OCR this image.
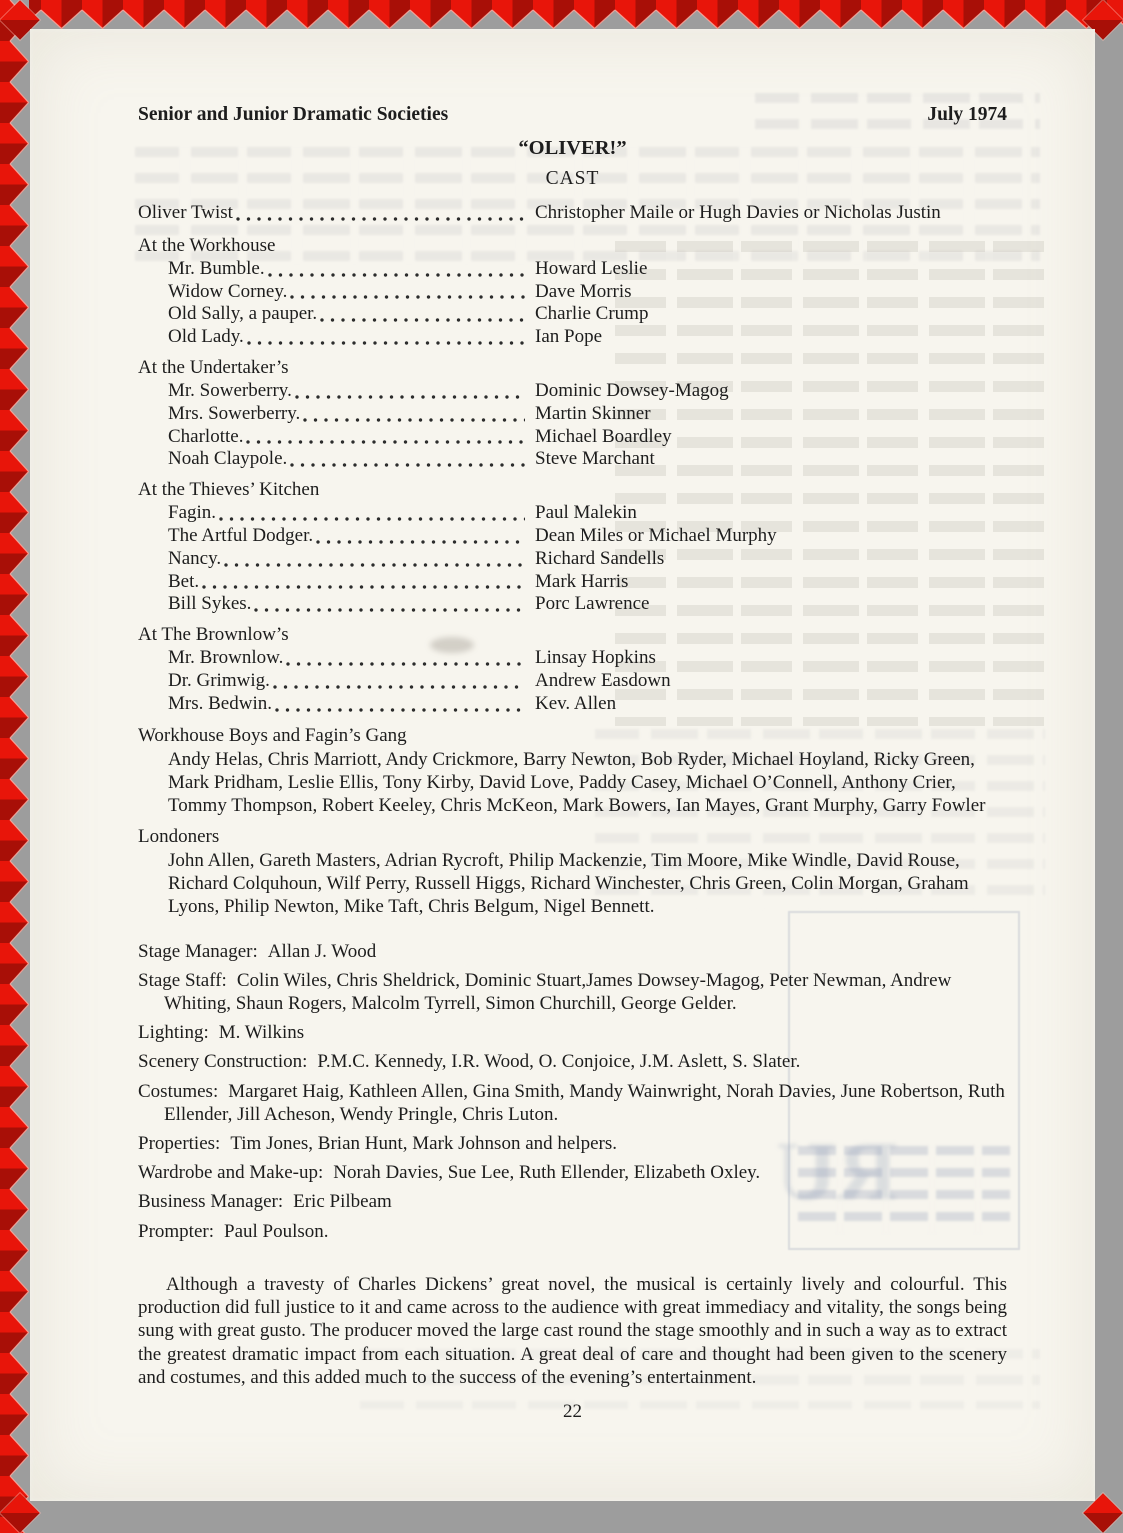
RU
Senior and Junior Dramatic Societies	July 1974
“OLIVER!”
CAST
Oliver Twist	Christopher Maile or Hugh Davies or Nicholas Justin
At the Workhouse
Mr. Bumble.	Howard Leslie
Widow Corney.	Dave Morris
Old Sally, a pauper.	Charlie Crump
Old Lady.	Ian Pope
At the Undertaker’s
Mr. Sowerberry.	Dominic Dowsey-Magog
Mrs. Sowerberry.	Martin Skinner
Charlotte.	Michael Boardley
Noah Claypole.	Steve Marchant
At the Thieves’ Kitchen
Fagin.	Paul Malekin
The Artful Dodger.	Dean Miles or Michael Murphy
Nancy.	Richard Sandells
Bet.	Mark Harris
Bill Sykes.	Porc Lawrence
At The Brownlow’s
Mr. Brownlow.	Linsay Hopkins
Dr. Grimwig.	Andrew Easdown
Mrs. Bedwin.	Kev. Allen
Workhouse Boys and Fagin’s Gang
Andy Helas, Chris Marriott, Andy Crickmore, Barry Newton, Bob Ryder, Michael Hoyland, Ricky Green, Mark Pridham, Leslie Ellis, Tony Kirby, David Love, Paddy Casey, Michael O’Connell, Anthony Crier, Tommy Thompson, Robert Keeley, Chris McKeon, Mark Bowers, Ian Mayes, Grant Murphy, Garry Fowler
Londoners
John Allen, Gareth Masters, Adrian Rycroft, Philip Mackenzie, Tim Moore, Mike Windle, David Rouse, Richard Colquhoun, Wilf Perry, Russell Higgs, Richard Winchester, Chris Green, Colin Morgan, Graham Lyons, Philip Newton, Mike Taft, Chris Belgum, Nigel Bennett.

Stage Manager: Allan J. Wood

Stage Staff: Colin Wiles, Chris Sheldrick, Dominic Stuart,James Dowsey-Magog, Peter Newman, Andrew Whiting, Shaun Rogers, Malcolm Tyrrell, Simon Churchill, George Gelder.

Lighting: M. Wilkins

Scenery Construction: P.M.C. Kennedy, I.R. Wood, O. Conjoice, J.M. Aslett, S. Slater.

Costumes: Margaret Haig, Kathleen Allen, Gina Smith, Mandy Wainwright, Norah Davies, June Robertson, Ruth Ellender, Jill Acheson, Wendy Pringle, Chris Luton.

Properties: Tim Jones, Brian Hunt, Mark Johnson and helpers.

Wardrobe and Make-up: Norah Davies, Sue Lee, Ruth Ellender, Elizabeth Oxley.

Business Manager: Eric Pilbeam

Prompter: Paul Poulson.

Although a travesty of Charles Dickens’ great novel, the musical is certainly lively and colourful. This production did full justice to it and came across to the audience with great immediacy and vitality, the songs being sung with great gusto. The producer moved the large cast round the stage smoothly and in such a way as to extract the greatest dramatic impact from each situation. A great deal of care and thought had been given to the scenery and costumes, and this added much to the success of the evening’s entertainment.
22
